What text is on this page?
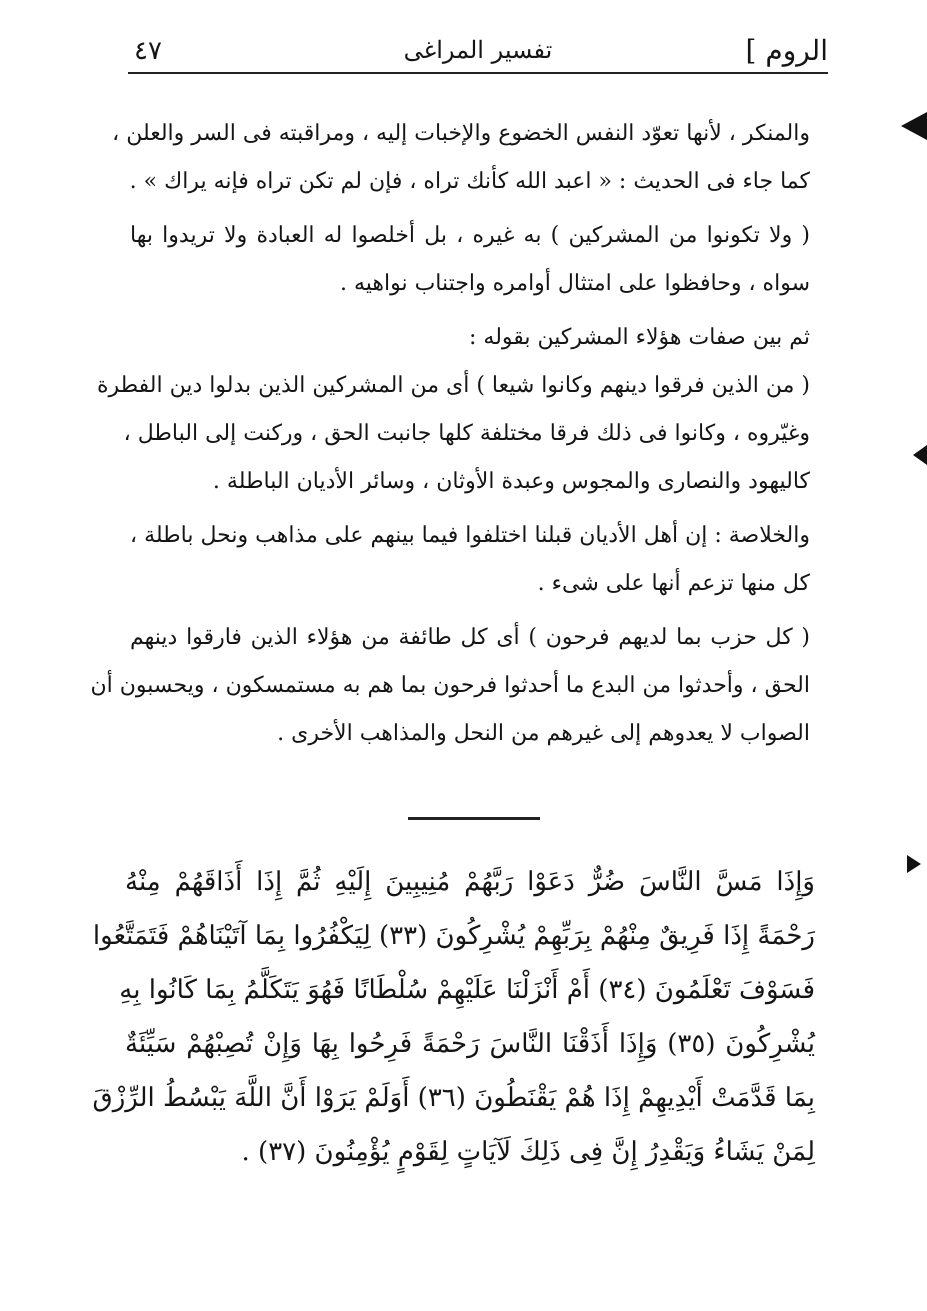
الروم ]
تفسير المراغى
٤٧
والمنكر ، لأنها تعوّد النفس الخضوع والإخبات إليه ، ومراقبته فى السر والعلن ،
كما جاء فى الحديث : « اعبد الله كأنك تراه ، فإن لم تكن تراه فإنه يراك » .
( ولا تكونوا من المشركين ) به غيره ، بل أخلصوا له العبادة ولا تريدوا بها
سواه ، وحافظوا على امتثال أوامره واجتناب نواهيه .
ثم بين صفات هؤلاء المشركين بقوله :
( من الذين فرقوا دينهم وكانوا شيعا ) أى من المشركين الذين بدلوا دين الفطرة
وغيّروه ، وكانوا فى ذلك فرقا مختلفة كلها جانبت الحق ، وركنت إلى الباطل ،
كاليهود والنصارى والمجوس وعبدة الأوثان ، وسائر الأديان الباطلة .
والخلاصة : إن أهل الأديان قبلنا اختلفوا فيما بينهم على مذاهب ونحل باطلة ،
كل منها تزعم أنها على شىء .
( كل حزب بما لديهم فرحون ) أى كل طائفة من هؤلاء الذين فارقوا دينهم
الحق ، وأحدثوا من البدع ما أحدثوا فرحون بما هم به مستمسكون ، ويحسبون أن
الصواب لا يعدوهم إلى غيرهم من النحل والمذاهب الأخرى .
وَإِذَا مَسَّ النَّاسَ ضُرٌّ دَعَوْا رَبَّهُمْ مُنِيبِينَ إِلَيْهِ ثُمَّ إِذَا أَذَاقَهُمْ مِنْهُ
رَحْمَةً إِذَا فَرِيقٌ مِنْهُمْ بِرَبِّهِمْ يُشْرِكُونَ (٣٣) لِيَكْفُرُوا بِمَا آتَيْنَاهُمْ فَتَمَتَّعُوا
فَسَوْفَ تَعْلَمُونَ (٣٤) أَمْ أَنْزَلْنَا عَلَيْهِمْ سُلْطَانًا فَهُوَ يَتَكَلَّمُ بِمَا كَانُوا بِهِ
يُشْرِكُونَ (٣٥) وَإِذَا أَذَقْنَا النَّاسَ رَحْمَةً فَرِحُوا بِهَا وَإِنْ تُصِبْهُمْ سَيِّئَةٌ
بِمَا قَدَّمَتْ أَيْدِيهِمْ إِذَا هُمْ يَقْنَطُونَ (٣٦) أَوَلَمْ يَرَوْا أَنَّ اللَّهَ يَبْسُطُ الرِّزْقَ
لِمَنْ يَشَاءُ وَيَقْدِرُ إِنَّ فِى ذَلِكَ لَآيَاتٍ لِقَوْمٍ يُؤْمِنُونَ (٣٧) .
